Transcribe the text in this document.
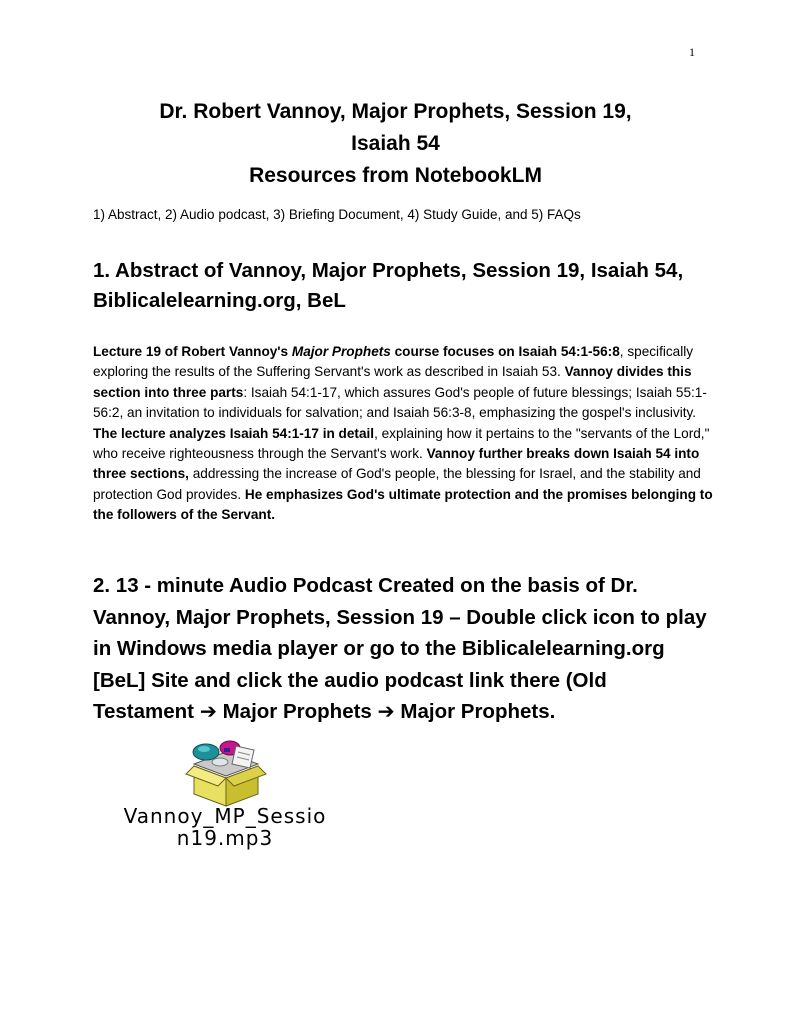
1
Dr. Robert Vannoy, Major Prophets, Session 19,
Isaiah 54
Resources from NotebookLM
1) Abstract, 2) Audio podcast, 3) Briefing Document, 4) Study Guide, and 5) FAQs
1. Abstract of Vannoy, Major Prophets, Session 19, Isaiah 54, Biblicalelearning.org, BeL
Lecture 19 of Robert Vannoy's Major Prophets course focuses on Isaiah 54:1-56:8, specifically exploring the results of the Suffering Servant's work as described in Isaiah 53. Vannoy divides this section into three parts: Isaiah 54:1-17, which assures God's people of future blessings; Isaiah 55:1-56:2, an invitation to individuals for salvation; and Isaiah 56:3-8, emphasizing the gospel's inclusivity. The lecture analyzes Isaiah 54:1-17 in detail, explaining how it pertains to the "servants of the Lord," who receive righteousness through the Servant's work. Vannoy further breaks down Isaiah 54 into three sections, addressing the increase of God's people, the blessing for Israel, and the stability and protection God provides. He emphasizes God's ultimate protection and the promises belonging to the followers of the Servant.
2. 13 - minute Audio Podcast Created on the basis of Dr. Vannoy, Major Prophets, Session 19 – Double click icon to play in Windows media player or go to the Biblicalelearning.org [BeL] Site and click the audio podcast link there (Old Testament ➔ Major Prophets ➔ Major Prophets.
Vannoy_MP_Sessio
n19.mp3
